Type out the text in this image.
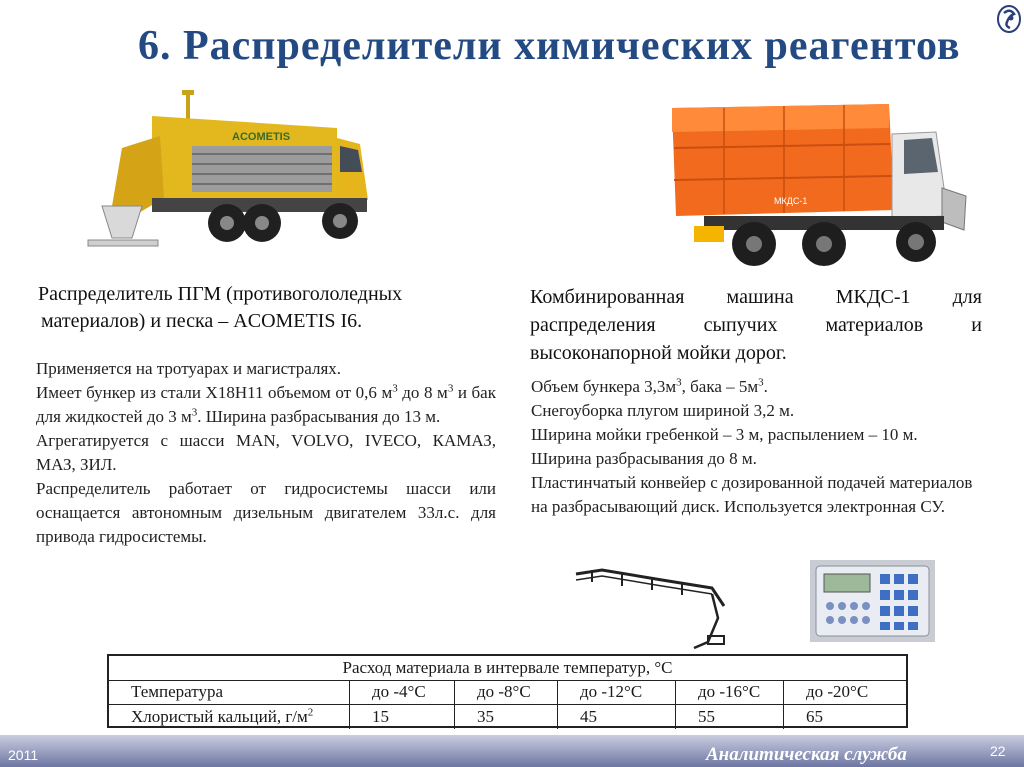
6. Распределители химических реагентов
ACOMETIS
МКДС-1
Распределитель ПГМ (противогололедных
материалов) и песка – ACOMETIS I6.

Применяется на тротуарах и магистралях.

Имеет бункер из стали Х18Н11 объемом от 0,6 $м^3$ до 8 $м^3$ и бак для жидкостей до 3 $м^3$. Ширина разбрасывания до 13 м.

Агрегатируется с шасси MAN, VOLVO, IVECO, КАМАЗ, МАЗ, ЗИЛ.

Распределитель работает от гидросистемы шасси или оснащается автономным дизельным двигателем 33л.с. для привода гидросистемы.

Комбинированная машина МКДС-1 для распределения сыпучих материалов и высоконапорной мойки дорог.

Объем бункера $3,3м^3$, бака – $5м^3$.

Снегоуборка плугом шириной 3,2 м.

Ширина мойки гребенкой – 3 м, распылением – 10 м.

Ширина разбрасывания до 8 м.

Пластинчатый конвейер с дозированной подачей материалов на разбрасывающий диск. Используется электронная СУ.

Расход материала в интервале температур, °С
Температура	до -4°С	до -8°С	до -12°С	до -16°С	до -20°С
Хлористый кальций, $г/м^2$	15	35	45	55	65
2011	Аналитическая служба	22
